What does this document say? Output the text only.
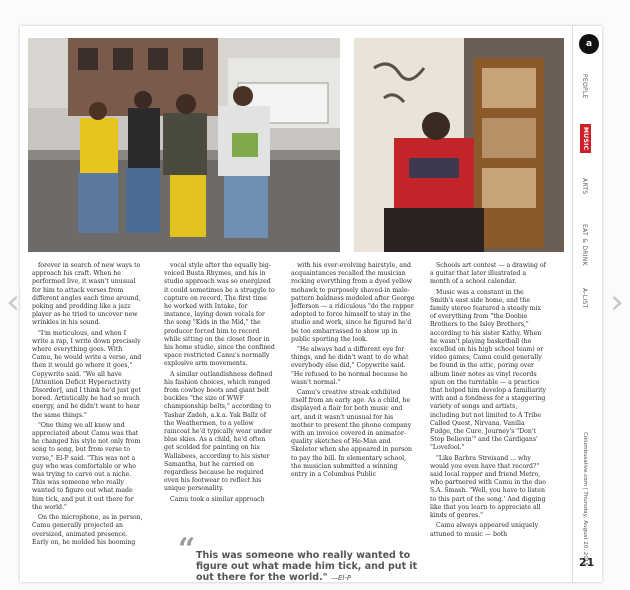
‹	›

forever in search of new ways to approach his craft. When he performed live, it wasn't unusual for him to attack verses from different angles each time around, poking and prodding like a jazz player as he tried to uncover new wrinkles in his sound.

"I'm meticulous, and when I write a rap, I write down precisely where everything goes. With Camu, he would write a verse, and then it would go where it goes," Copywrite said. "We all have [Attention Deficit Hyperactivity Disorder], and I think he'd just get bored. Artistically he had so much energy, and he didn't want to hear the same things."

"One thing we all knew and appreciated about Camu was that he changed his style not only from song to song, but from verse to verse," El-P said. "This was not a guy who was comfortable or who was trying to carve out a niche. This was someone who really wanted to figure out what made him tick, and put it out there for the world."

On the microphone, as in person, Camu generally projected an oversized, animated presence. Early on, he molded his booming

vocal style after the equally big-voiced Busta Rhymes, and his in studio approach was so energized it could sometimes be a struggle to capture on record. The first time he worked with Intake, for instance, laying down vocals for the song "Kids in the Mid," the producer forced him to record while sitting on the closet floor in his home studio, since the confined space restricted Camu's normally explosive arm movements.

A similar outlandishness defined his fashion choices, which ranged from cowboy boots and giant belt buckles "the size of WWF championship belts," according to Yashar Zadeh, a.k.a. Yak Ballz of the Weathermen, to a yellow raincoat he'd typically wear under blue skies. As a child, he'd often get scolded for painting on his Wallabees, according to his sister Samantha, but he carried on regardless because he required even his footwear to reflect his unique personality.

Camu took a similar approach

with his ever-evolving hairstyle, and acquaintances recalled the musician rocking everything from a dyed yellow mohawk to purposely shaved-in male-pattern baldness modeled after George Jefferson — a ridiculous "do the rapper adopted to force himself to stay in the studio and work, since he figured he'd be too embarrassed to show up in public sporting the look.

"He always had a different eye for things, and he didn't want to do what everybody else did," Copywrite said. "He refused to be normal because he wasn't normal."

Camu's creative streak exhibited itself from an early age. As a child, he displayed a flair for both music and art, and it wasn't unusual for his mother to present the phone company with an invoice covered in animator-quality sketches of He-Man and Skeletor when she appeared in person to pay the bill. In elementary school, the musician submitted a winning entry in a Columbus Public

Schools art contest — a drawing of a guitar that later illustrated a month of a school calendar.

Music was a constant in the Smith's east side home, and the family stereo featured a steady mix of everything from "the Doobie Brothers to the Isley Brothers," according to his sister Kathy. When he wasn't playing basketball (he excelled on his high school team) or video games, Camu could generally be found in the attic, poring over album liner notes as vinyl records spun on the turntable — a practice that helped him develop a familiarity with and a fondness for a staggering variety of songs and artists, including but not limited to A Tribe Called Quest, Nirvana, Vanilla Fudge, the Cure, Journey's "Don't Stop Believin'" and the Cardigans' "Lovefool."

"Like Barbra Streisand ... why would you even have that record?" said local rapper and friend Metro, who partnered with Camu in the duo S.A. Smash. "Well, you have to listen to this part of the song.' And digging like that you learn to appreciate all kinds of genres."

Camu always appeared uniquely attuned to music — both

“ This was someone who really wanted to figure out what made him tick, and put it out there for the world." —El-P
a
PEOPLE
MUSIC
ARTS
EAT & DRINK
A-LIST
Columbusalive.com | Thursday, August 20, 2015
21
